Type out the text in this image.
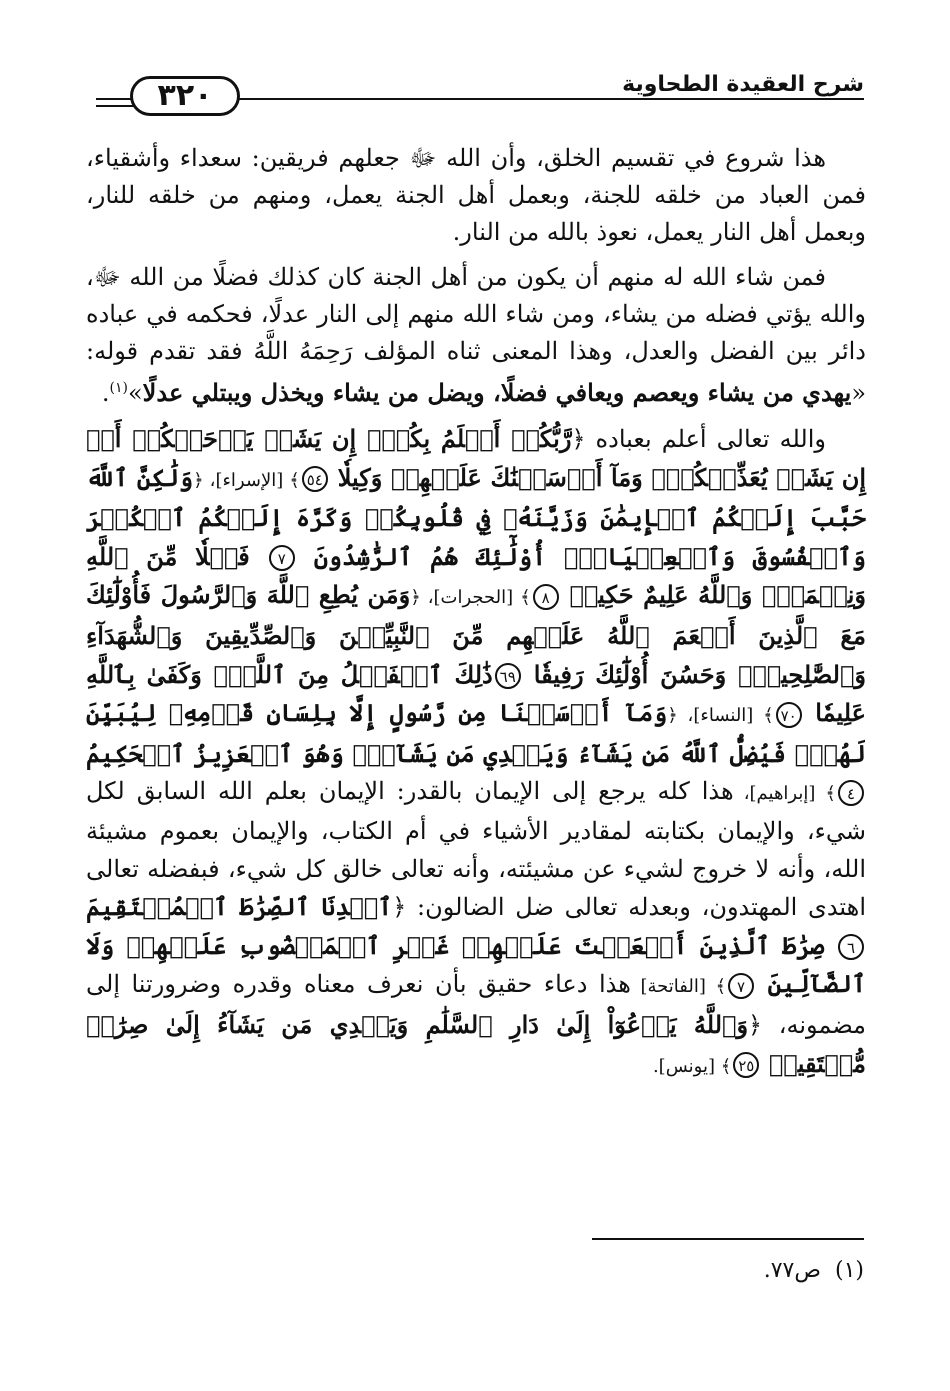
٣٢٠	شرح العقيدة الطحاوية

هذا شروع في تقسيم الخلق، وأن الله ﷻ جعلهم فريقين: سعداء وأشقياء، فمن العباد من خلقه للجنة، وبعمل أهل الجنة يعمل، ومنهم من خلقه للنار، وبعمل أهل النار يعمل، نعوذ بالله من النار.

فمن شاء الله له منهم أن يكون من أهل الجنة كان كذلك فضلًا من الله ﷻ، والله يؤتي فضله من يشاء، ومن شاء الله منهم إلى النار عدلًا، فحكمه في عباده دائر بين الفضل والعدل، وهذا المعنى ثناه المؤلف رَحِمَهُ اللَّهُ فقد تقدم قوله: «يهدي من يشاء ويعصم ويعافي فضلًا، ويضل من يشاء ويخذل ويبتلي عدلًا»$^{(١)}$.

والله تعالى أعلم بعباده ﴿رَّبُّكُمۡ أَعۡلَمُ بِكُمۡۖ إِن يَشَأۡ يَرۡحَمۡكُمۡ أَوۡ إِن يَشَأۡ يُعَذِّبۡكُمۡۚ وَمَآ أَرۡسَلۡنَٰكَ عَلَيۡهِمۡ وَكِيلٗا ٥٤﴾ [الإسراء]، ﴿وَلَٰكِنَّ ٱللَّهَ حَبَّبَ إِلَيۡكُمُ ٱلۡإِيمَٰنَ وَزَيَّنَهُۥ فِي قُلُوبِكُمۡ وَكَرَّهَ إِلَيۡكُمُ ٱلۡكُفۡرَ وَٱلۡفُسُوقَ وَٱلۡعِصۡيَانَۚ أُوْلَٰٓئِكَ هُمُ ٱلرَّٰشِدُونَ ٧ فَضۡلٗا مِّنَ ٱللَّهِ وَنِعۡمَةٗۚ وَٱللَّهُ عَلِيمٌ حَكِيمٞ ٨﴾ [الحجرات]، ﴿وَمَن يُطِعِ ٱللَّهَ وَٱلرَّسُولَ فَأُوْلَٰٓئِكَ مَعَ ٱلَّذِينَ أَنۡعَمَ ٱللَّهُ عَلَيۡهِم مِّنَ ٱلنَّبِيِّـۧنَ وَٱلصِّدِّيقِينَ وَٱلشُّهَدَآءِ وَٱلصَّٰلِحِينَۚ وَحَسُنَ أُوْلَٰٓئِكَ رَفِيقٗا ٦٩ذَٰلِكَ ٱلۡفَضۡلُ مِنَ ٱللَّهِۚ وَكَفَىٰ بِٱللَّهِ عَلِيمٗا ٧٠﴾ [النساء]، ﴿وَمَآ أَرۡسَلۡنَا مِن رَّسُولٍ إِلَّا بِلِسَانِ قَوۡمِهِۦ لِيُبَيِّنَ لَهُمۡۖ فَيُضِلُّ ٱللَّهُ مَن يَشَآءُ وَيَهۡدِي مَن يَشَآءُۚ وَهُوَ ٱلۡعَزِيزُ ٱلۡحَكِيمُ ٤﴾ [إبراهيم]، هذا كله يرجع إلى الإيمان بالقدر: الإيمان بعلم الله السابق لكل شيء، والإيمان بكتابته لمقادير الأشياء في أم الكتاب، والإيمان بعموم مشيئة الله، وأنه لا خروج لشيء عن مشيئته، وأنه تعالى خالق كل شيء، فبفضله تعالى اهتدى المهتدون، وبعدله تعالى ضل الضالون: ﴿ٱهۡدِنَا ٱلصِّرَٰطَ ٱلۡمُسۡتَقِيمَ ٦ صِرَٰطَ ٱلَّذِينَ أَنۡعَمۡتَ عَلَيۡهِمۡ غَيۡرِ ٱلۡمَغۡضُوبِ عَلَيۡهِمۡ وَلَا ٱلضَّآلِّينَ ٧﴾ [الفاتحة] هذا دعاء حقيق بأن نعرف معناه وقدره وضرورتنا إلى مضمونه، ﴿وَٱللَّهُ يَدۡعُوٓاْ إِلَىٰ دَارِ ٱلسَّلَٰمِ وَيَهۡدِي مَن يَشَآءُ إِلَىٰ صِرَٰطٖ مُّسۡتَقِيمٖ ٢٥﴾ [يونس].

(١)  ص٧٧.
